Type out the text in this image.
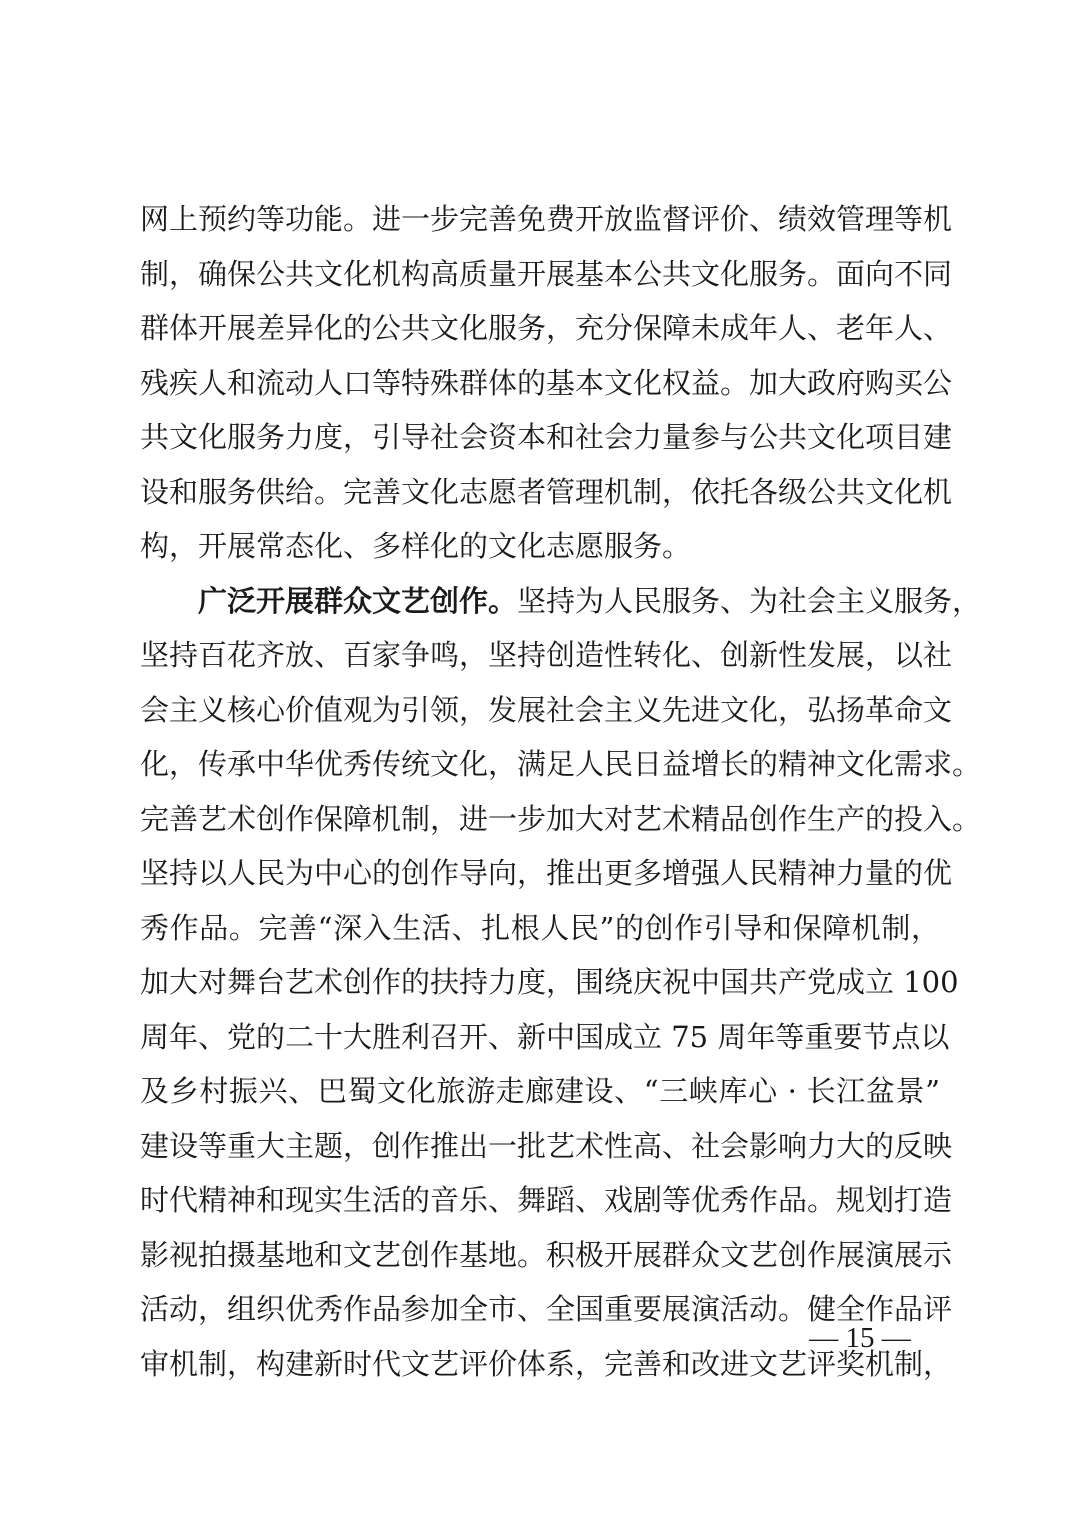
网上预约等功能。进一步完善免费开放监督评价、绩效管理等机
制，确保公共文化机构高质量开展基本公共文化服务。面向不同
群体开展差异化的公共文化服务，充分保障未成年人、老年人、
残疾人和流动人口等特殊群体的基本文化权益。加大政府购买公
共文化服务力度，引导社会资本和社会力量参与公共文化项目建
设和服务供给。完善文化志愿者管理机制，依托各级公共文化机
构，开展常态化、多样化的文化志愿服务。
广泛开展群众文艺创作。坚持为人民服务、为社会主义服务，
坚持百花齐放、百家争鸣，坚持创造性转化、创新性发展，以社
会主义核心价值观为引领，发展社会主义先进文化，弘扬革命文
化，传承中华优秀传统文化，满足人民日益增长的精神文化需求。
完善艺术创作保障机制，进一步加大对艺术精品创作生产的投入。
坚持以人民为中心的创作导向，推出更多增强人民精神力量的优
秀作品。完善“深入生活、扎根人民”的创作引导和保障机制，
加大对舞台艺术创作的扶持力度，围绕庆祝中国共产党成立 100
周年、党的二十大胜利召开、新中国成立 75 周年等重要节点以
及乡村振兴、巴蜀文化旅游走廊建设、“三峡库心 · 长江盆景”
建设等重大主题，创作推出一批艺术性高、社会影响力大的反映
时代精神和现实生活的音乐、舞蹈、戏剧等优秀作品。规划打造
影视拍摄基地和文艺创作基地。积极开展群众文艺创作展演展示
活动，组织优秀作品参加全市、全国重要展演活动。健全作品评
审机制，构建新时代文艺评价体系，完善和改进文艺评奖机制，
— 15 —
